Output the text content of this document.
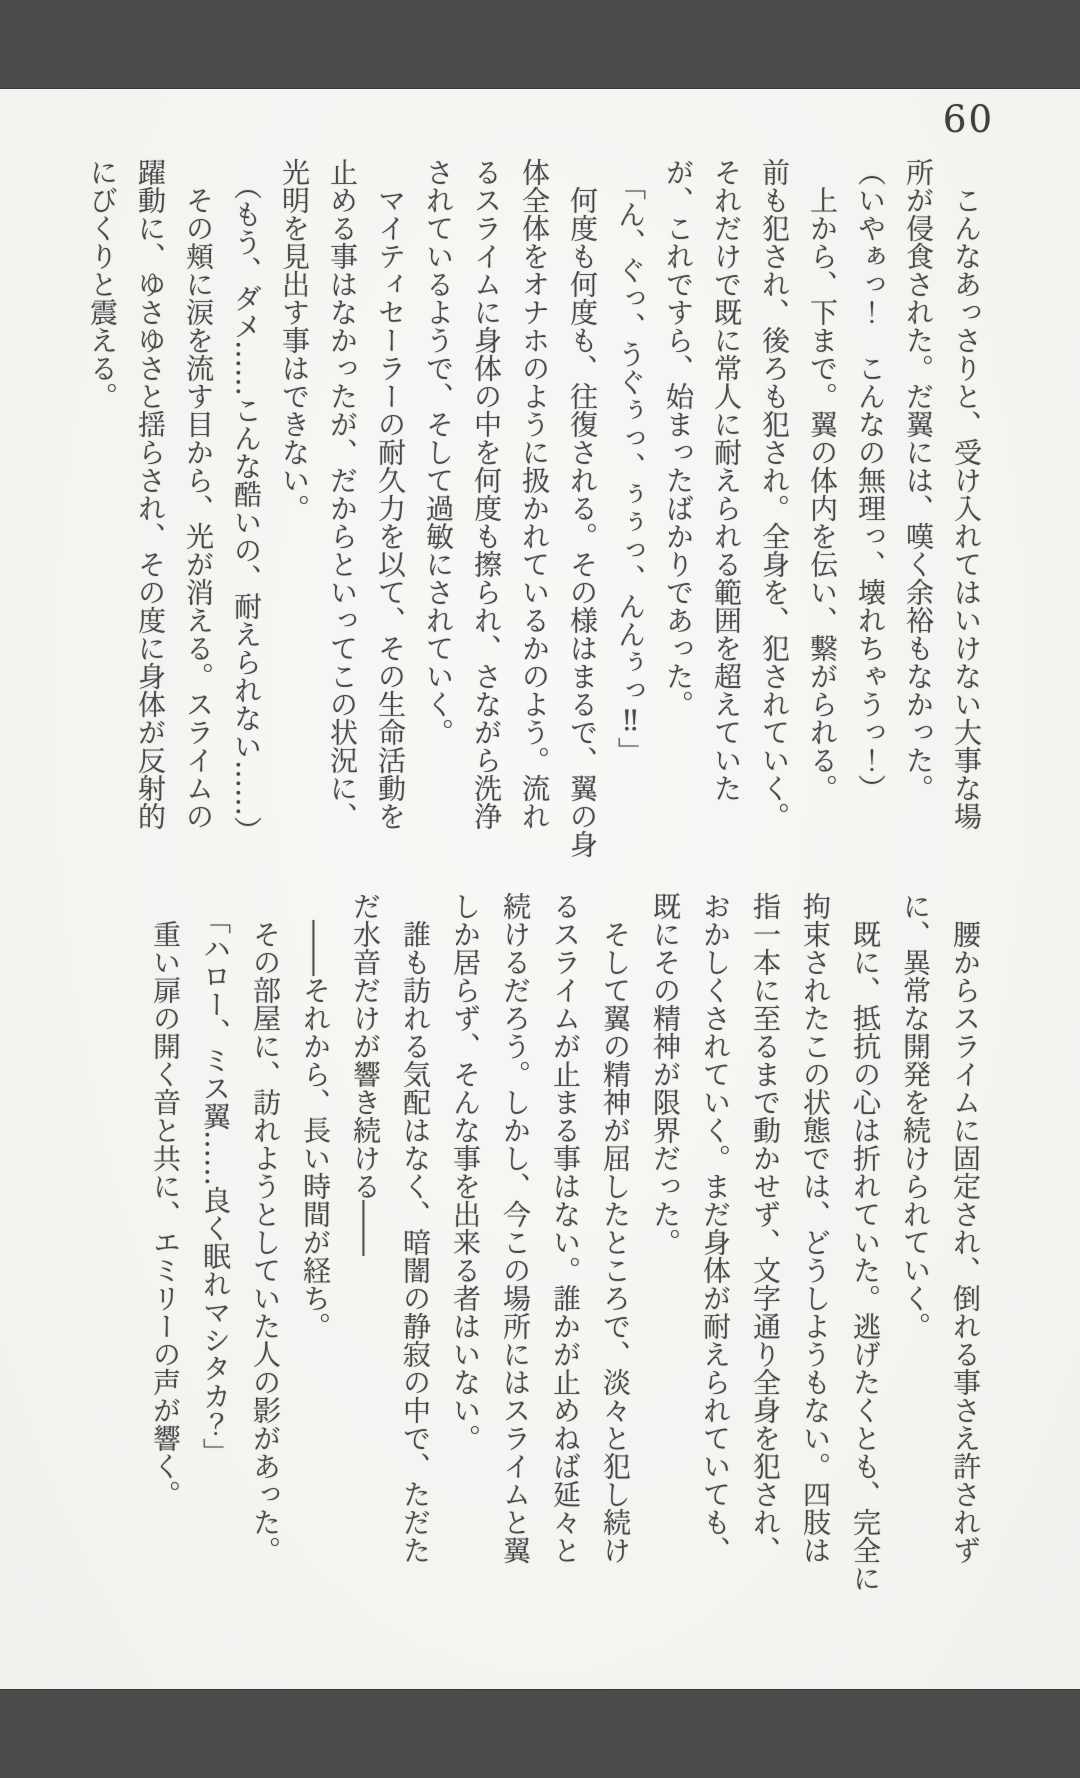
60
　こんなあっさりと、受け入れてはいけない大事な場
所が侵食された。だ翼には、嘆く余裕もなかった。
（いやぁっ！　こんなの無理っ、壊れちゃうっ！）
　上から、下まで。翼の体内を伝い、繋がられる。
前も犯され、後ろも犯され。全身を、犯されていく。
それだけで既に常人に耐えられる範囲を超えていた
が、これですら、始まったばかりであった。
　「ん、ぐっ、うぐぅっ、ぅぅっ、んんぅっ‼」
　何度も何度も、往復される。その様はまるで、翼の身
体全体をオナホのように扱かれているかのよう。流れ
るスライムに身体の中を何度も擦られ、さながら洗浄
されているようで、そして過敏にされていく。
　マイティセーラーの耐久力を以て、その生命活動を
止める事はなかったが、だからといってこの状況に、
光明を見出す事はできない。
　（もう、ダメ……こんな酷いの、耐えられない……）
　その頬に涙を流す目から、光が消える。スライムの
躍動に、ゆさゆさと揺らされ、その度に身体が反射的
にびくりと震える。
　腰からスライムに固定され、倒れる事さえ許されず
に、異常な開発を続けられていく。
　既に、抵抗の心は折れていた。逃げたくとも、完全に
拘束されたこの状態では、どうしようもない。四肢は
指一本に至るまで動かせず、文字通り全身を犯され、
おかしくされていく。まだ身体が耐えられていても、
既にその精神が限界だった。
　そして翼の精神が屈したところで、淡々と犯し続け
るスライムが止まる事はない。誰かが止めねば延々と
続けるだろう。しかし、今この場所にはスライムと翼
しか居らず、そんな事を出来る者はいない。
　誰も訪れる気配はなく、暗闇の静寂の中で、ただた
だ水音だけが響き続ける――
　――それから、長い時間が経ち。
　その部屋に、訪れようとしていた人の影があった。
　「ハロー、ミス翼……良く眠れマシタカ？」
　重い扉の開く音と共に、エミリーの声が響く。
